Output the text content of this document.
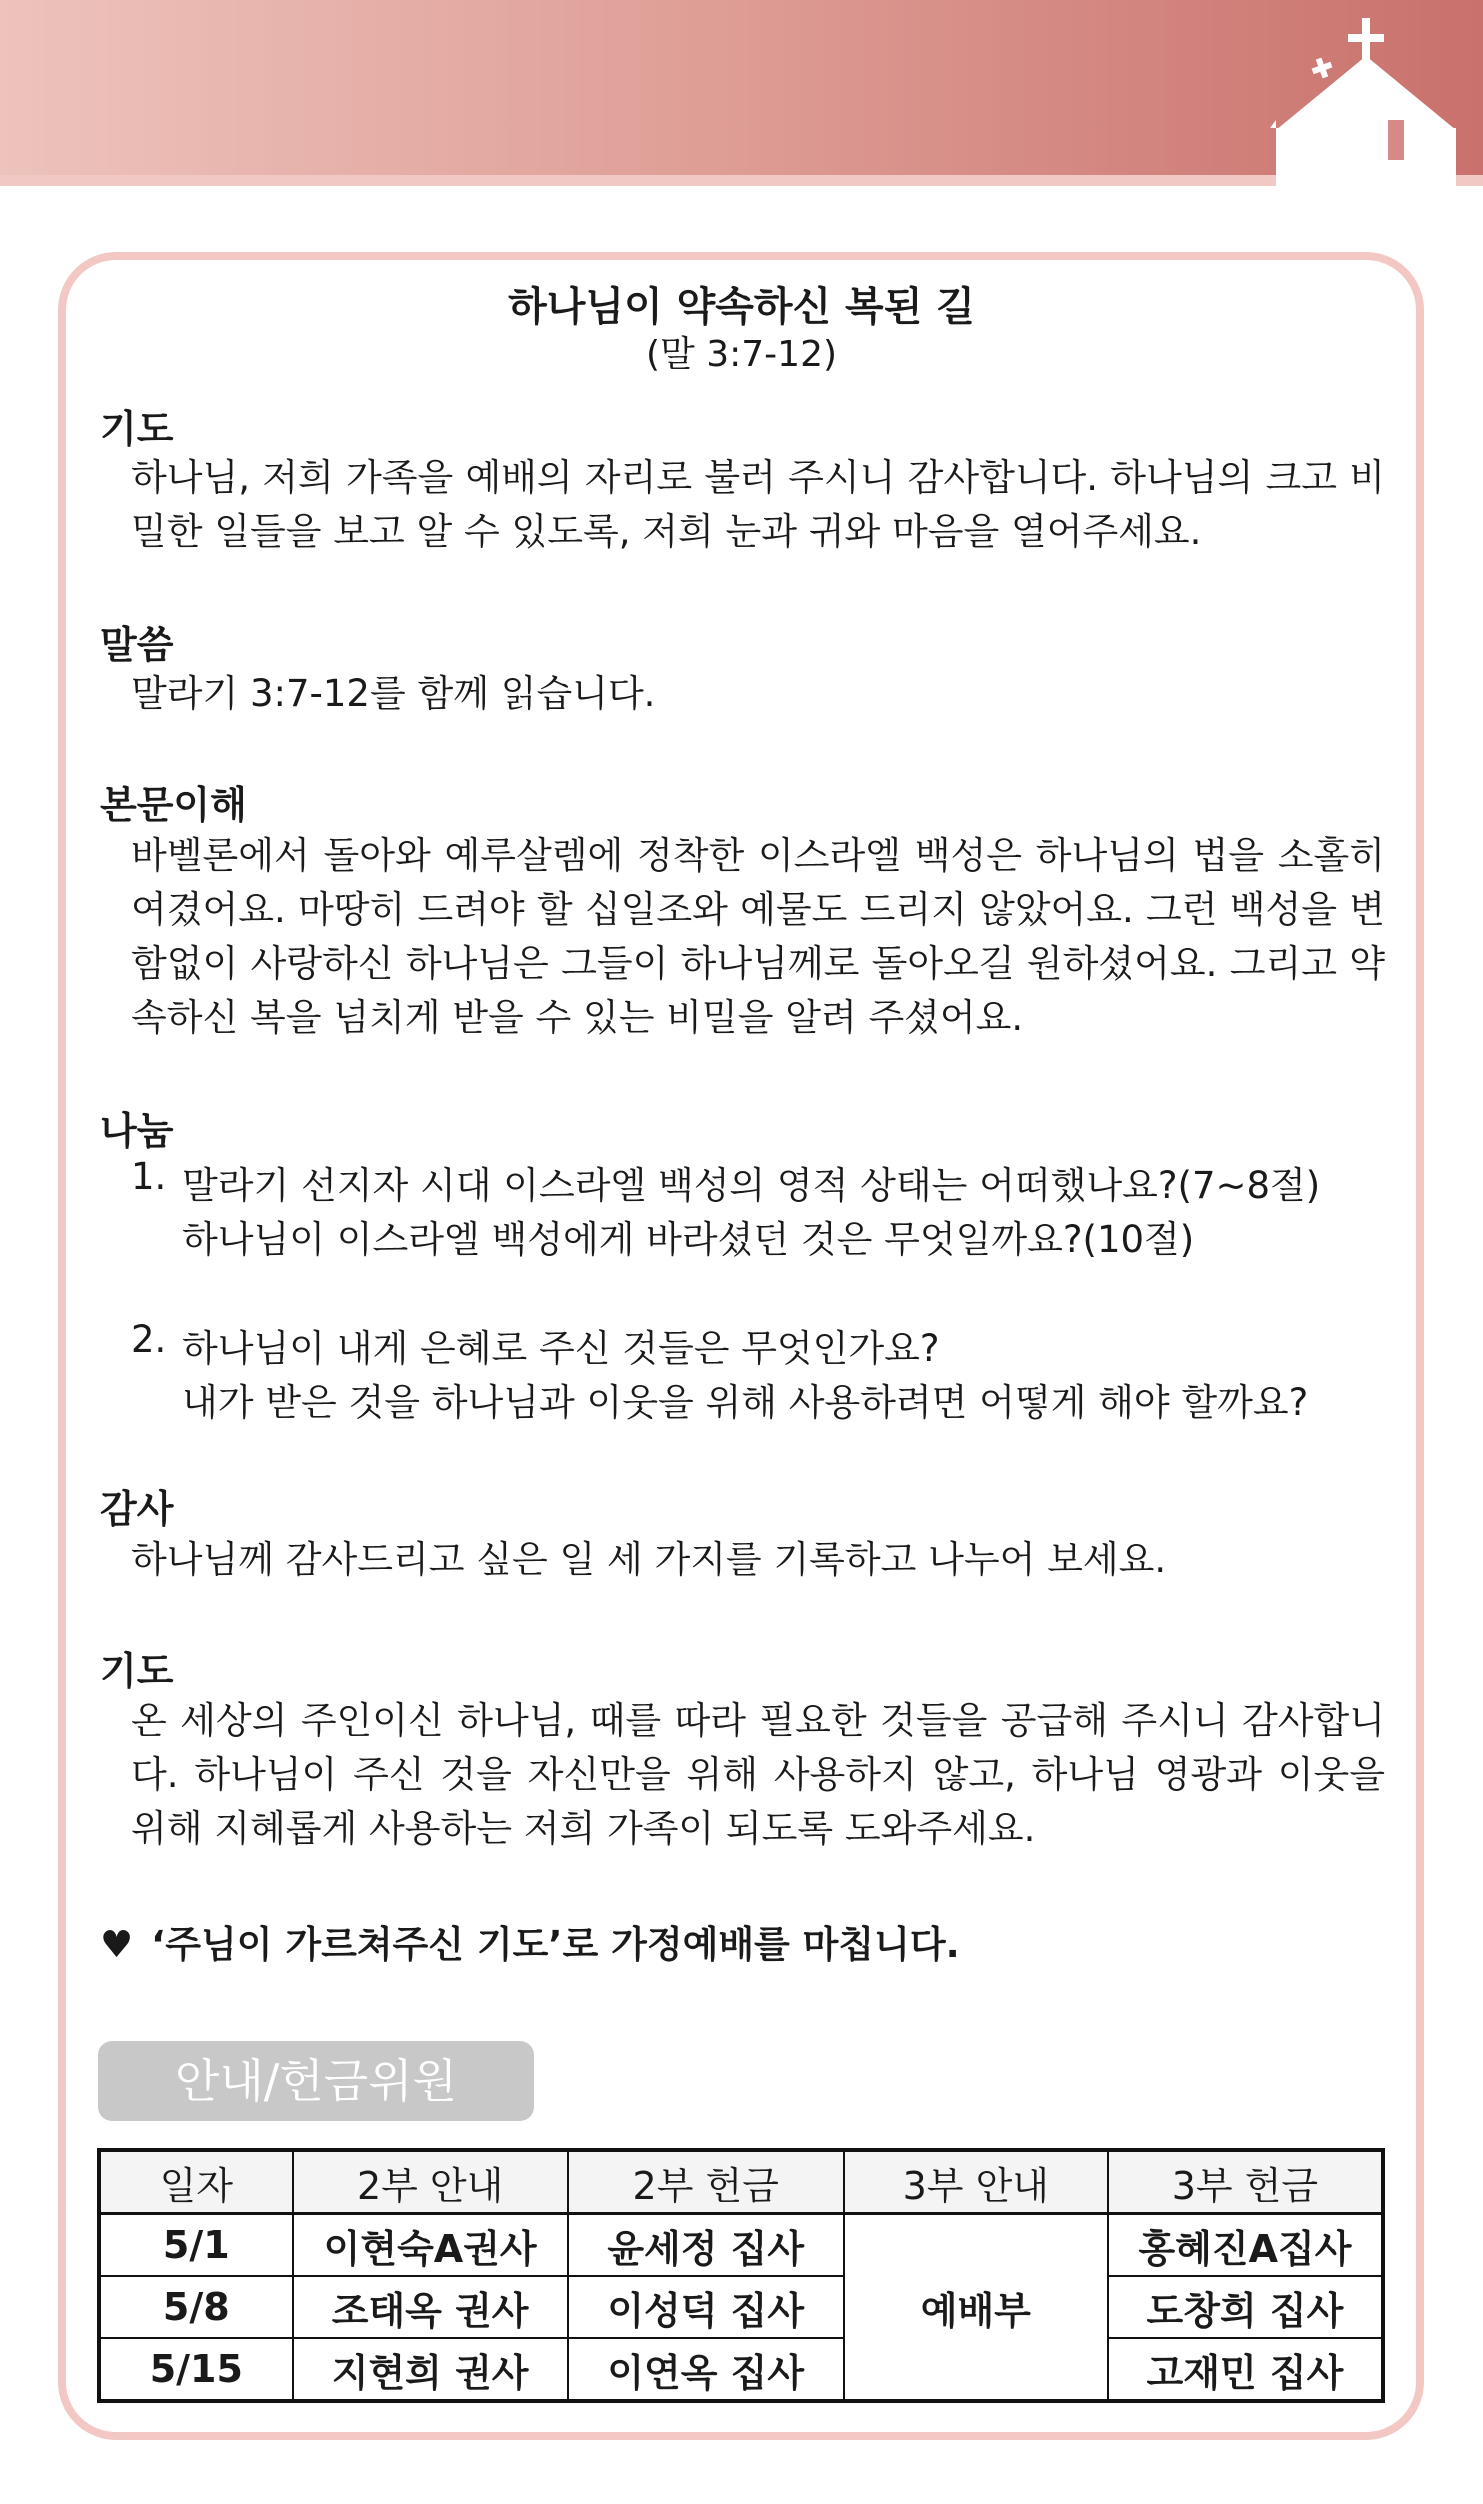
하나님이 약속하신 복된 길
(말 3:7-12)
기도

하나님, 저희 가족을 예배의 자리로 불러 주시니 감사합니다. 하나님의 크고 비밀한 일들을 보고 알 수 있도록, 저희 눈과 귀와 마음을 열어주세요.

말씀

말라기 3:7-12를 함께 읽습니다.

본문이해

바벨론에서 돌아와 예루살렘에 정착한 이스라엘 백성은 하나님의 법을 소홀히 여겼어요. 마땅히 드려야 할 십일조와 예물도 드리지 않았어요. 그런 백성을 변함없이 사랑하신 하나님은 그들이 하나님께로 돌아오길 원하셨어요. 그리고 약속하신 복을 넘치게 받을 수 있는 비밀을 알려 주셨어요.

나눔
1. 말라기 선지자 시대 이스라엘 백성의 영적 상태는 어떠했나요?(7~8절)
하나님이 이스라엘 백성에게 바라셨던 것은 무엇일까요?(10절)
2. 하나님이 내게 은혜로 주신 것들은 무엇인가요?
내가 받은 것을 하나님과 이웃을 위해 사용하려면 어떻게 해야 할까요?
감사

하나님께 감사드리고 싶은 일 세 가지를 기록하고 나누어 보세요.

기도

온 세상의 주인이신 하나님, 때를 따라 필요한 것들을 공급해 주시니 감사합니다. 하나님이 주신 것을 자신만을 위해 사용하지 않고, 하나님 영광과 이웃을 위해 지혜롭게 사용하는 저희 가족이 되도록 도와주세요.

♥ ‘주님이 가르쳐주신 기도’로 가정예배를 마칩니다.
안내/헌금위원
일자	2부 안내	2부 헌금	3부 안내	3부 헌금
5/1	이현숙A권사	윤세정 집사	예배부	홍혜진A집사
5/8	조태옥 권사	이성덕 집사		도창희 집사
5/15	지현희 권사	이연옥 집사		고재민 집사
